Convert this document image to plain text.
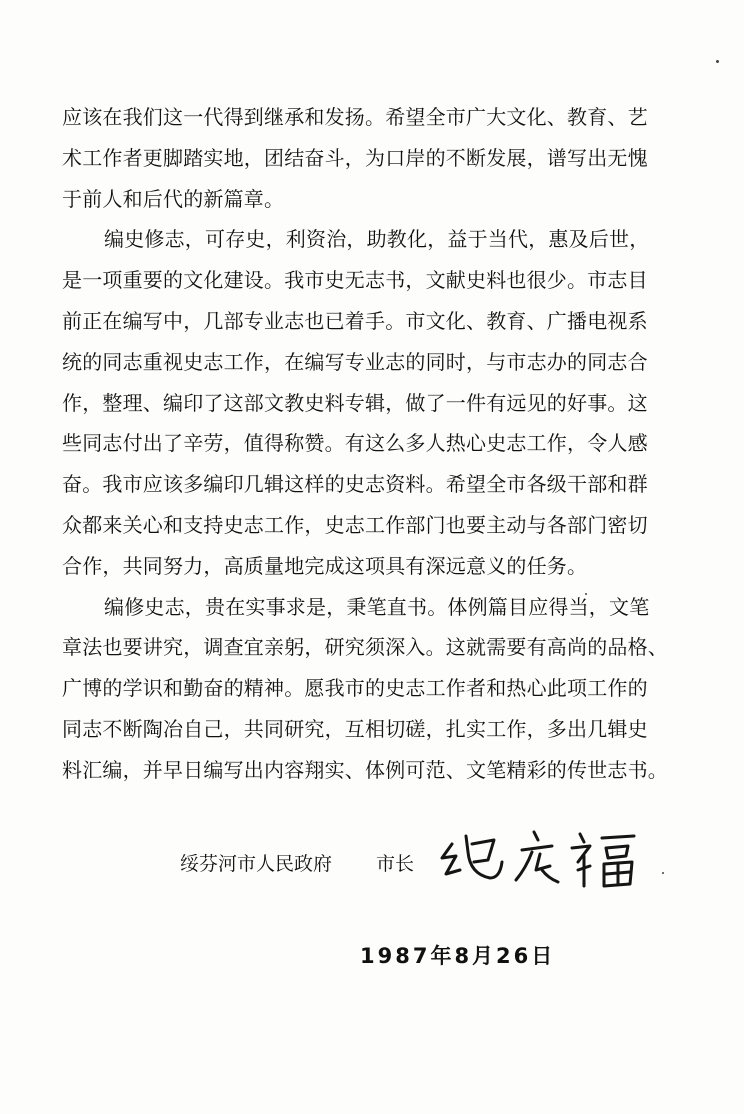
应该在我们这一代得到继承和发扬。希望全市广大文化、教育、艺
术工作者更脚踏实地，团结奋斗，为口岸的不断发展，谱写出无愧
于前人和后代的新篇章。
编史修志，可存史，利资治，助教化，益于当代，惠及后世，
是一项重要的文化建设。我市史无志书，文献史料也很少。市志目
前正在编写中，几部专业志也已着手。市文化、教育、广播电视系
统的同志重视史志工作，在编写专业志的同时，与市志办的同志合
作，整理、编印了这部文教史料专辑，做了一件有远见的好事。这
些同志付出了辛劳，值得称赞。有这么多人热心史志工作，令人感
奋。我市应该多编印几辑这样的史志资料。希望全市各级干部和群
众都来关心和支持史志工作，史志工作部门也要主动与各部门密切
合作，共同努力，高质量地完成这项具有深远意义的任务。
编修史志，贵在实事求是，秉笔直书。体例篇目应得当，文笔
章法也要讲究，调查宜亲躬，研究须深入。这就需要有高尚的品格、
广博的学识和勤奋的精神。愿我市的史志工作者和热心此项工作的
同志不断陶冶自己，共同研究，互相切磋，扎实工作，多出几辑史
料汇编，并早日编写出内容翔实、体例可范、文笔精彩的传世志书。
绥芬河市人民政府 市长
1987年8月26日
